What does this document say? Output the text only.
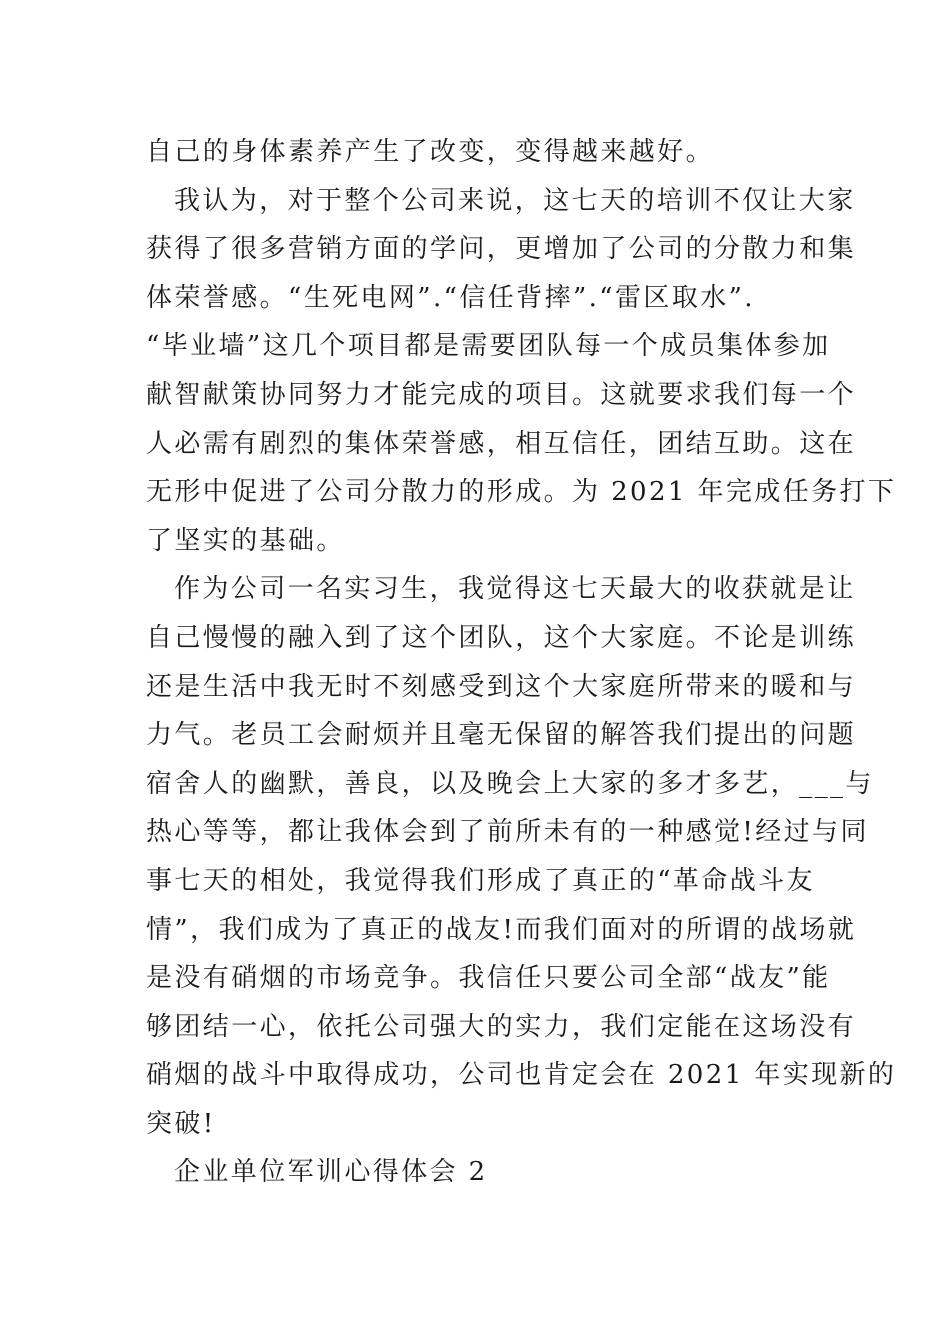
自己的身体素养产生了改变，变得越来越好。
我认为，对于整个公司来说，这七天的培训不仅让大家
获得了很多营销方面的学问，更增加了公司的分散力和集
体荣誉感。“生死电网”.“信任背摔”.“雷区取水”.
“毕业墙”这几个项目都是需要团队每一个成员集体参加
献智献策协同努力才能完成的项目。这就要求我们每一个
人必需有剧烈的集体荣誉感，相互信任，团结互助。这在
无形中促进了公司分散力的形成。为 2021 年完成任务打下
了坚实的基础。
作为公司一名实习生，我觉得这七天最大的收获就是让
自己慢慢的融入到了这个团队，这个大家庭。不论是训练
还是生活中我无时不刻感受到这个大家庭所带来的暖和与
力气。老员工会耐烦并且毫无保留的解答我们提出的问题
宿舍人的幽默，善良，以及晚会上大家的多才多艺，___与
热心等等，都让我体会到了前所未有的一种感觉!经过与同
事七天的相处，我觉得我们形成了真正的“革命战斗友
情”，我们成为了真正的战友!而我们面对的所谓的战场就
是没有硝烟的市场竞争。我信任只要公司全部“战友”能
够团结一心，依托公司强大的实力，我们定能在这场没有
硝烟的战斗中取得成功，公司也肯定会在 2021 年实现新的
突破!
企业单位军训心得体会 2
